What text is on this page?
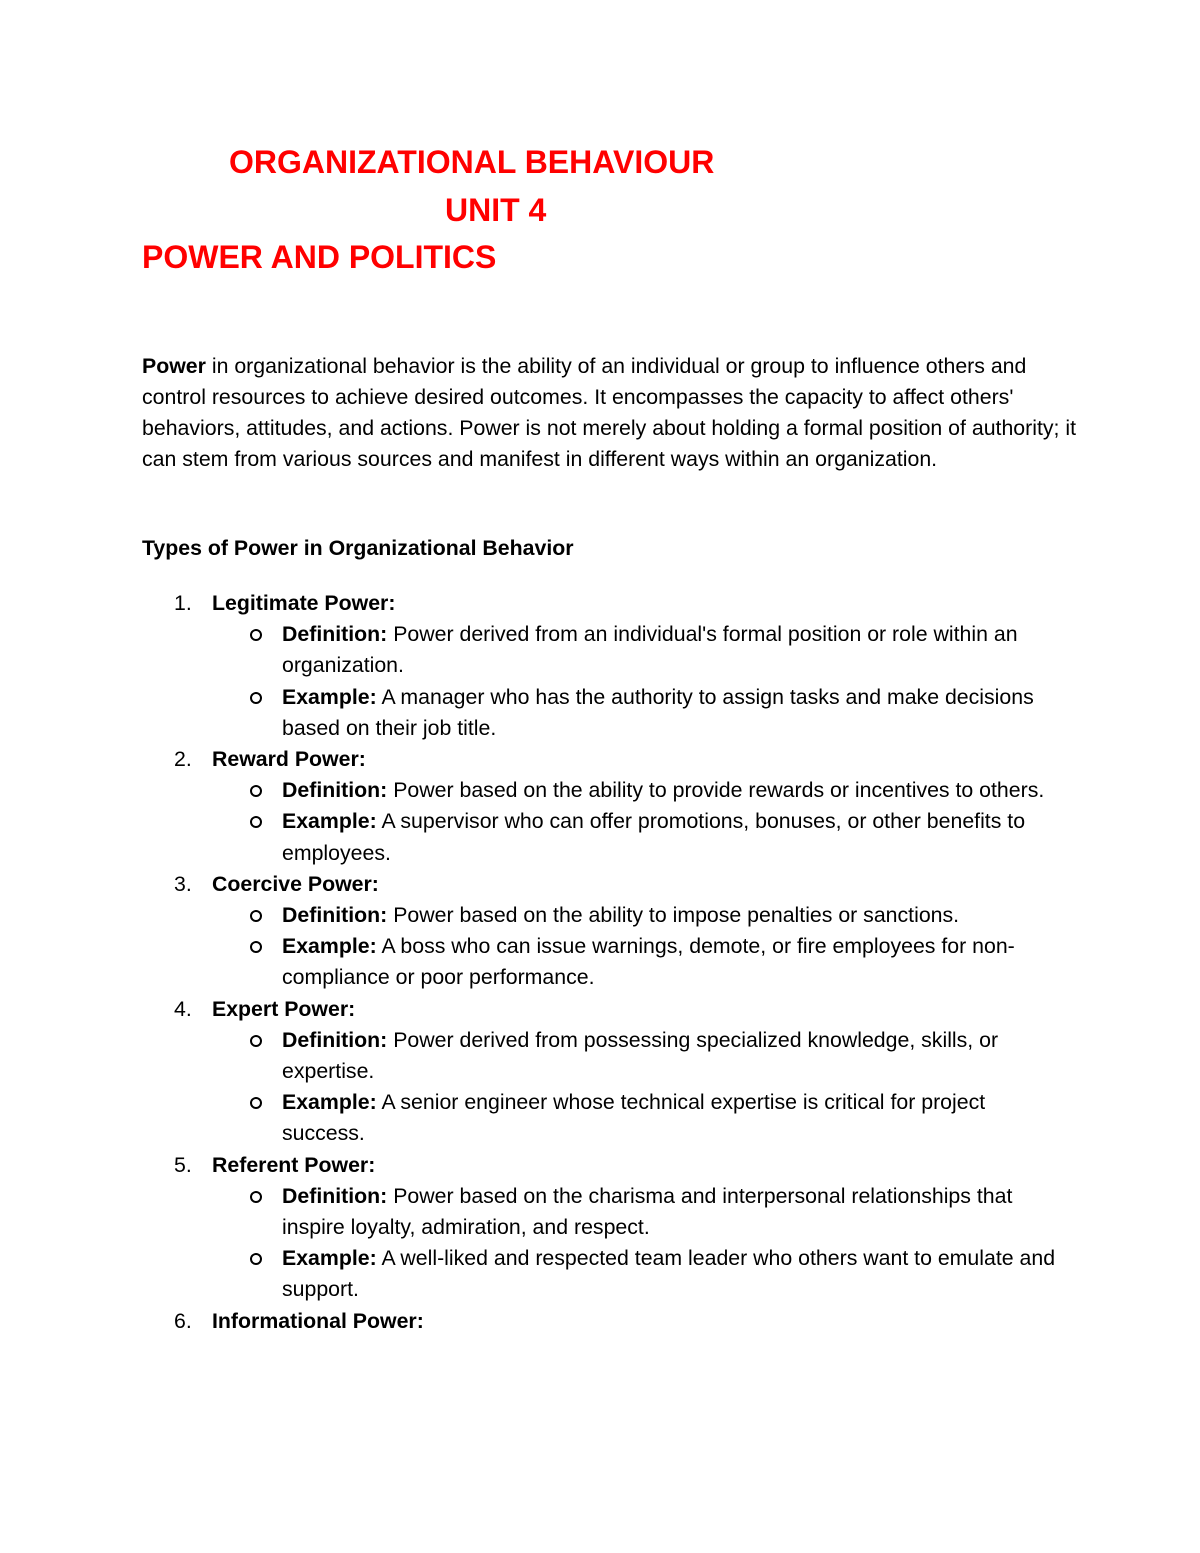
ORGANIZATIONAL BEHAVIOUR
UNIT 4
POWER AND POLITICS

Power in organizational behavior is the ability of an individual or group to influence others and control resources to achieve desired outcomes. It encompasses the capacity to affect others' behaviors, attitudes, and actions. Power is not merely about holding a formal position of authority; it can stem from various sources and manifest in different ways within an organization.

Types of Power in Organizational Behavior
1. Legitimate Power:
Definition: Power derived from an individual's formal position or role within an organization.
Example: A manager who has the authority to assign tasks and make decisions based on their job title.
2. Reward Power:
Definition: Power based on the ability to provide rewards or incentives to others.
Example: A supervisor who can offer promotions, bonuses, or other benefits to employees.
3. Coercive Power:
Definition: Power based on the ability to impose penalties or sanctions.
Example: A boss who can issue warnings, demote, or fire employees for non-compliance or poor performance.
4. Expert Power:
Definition: Power derived from possessing specialized knowledge, skills, or expertise.
Example: A senior engineer whose technical expertise is critical for project success.
5. Referent Power:
Definition: Power based on the charisma and interpersonal relationships that inspire loyalty, admiration, and respect.
Example: A well-liked and respected team leader who others want to emulate and support.
6. Informational Power:
